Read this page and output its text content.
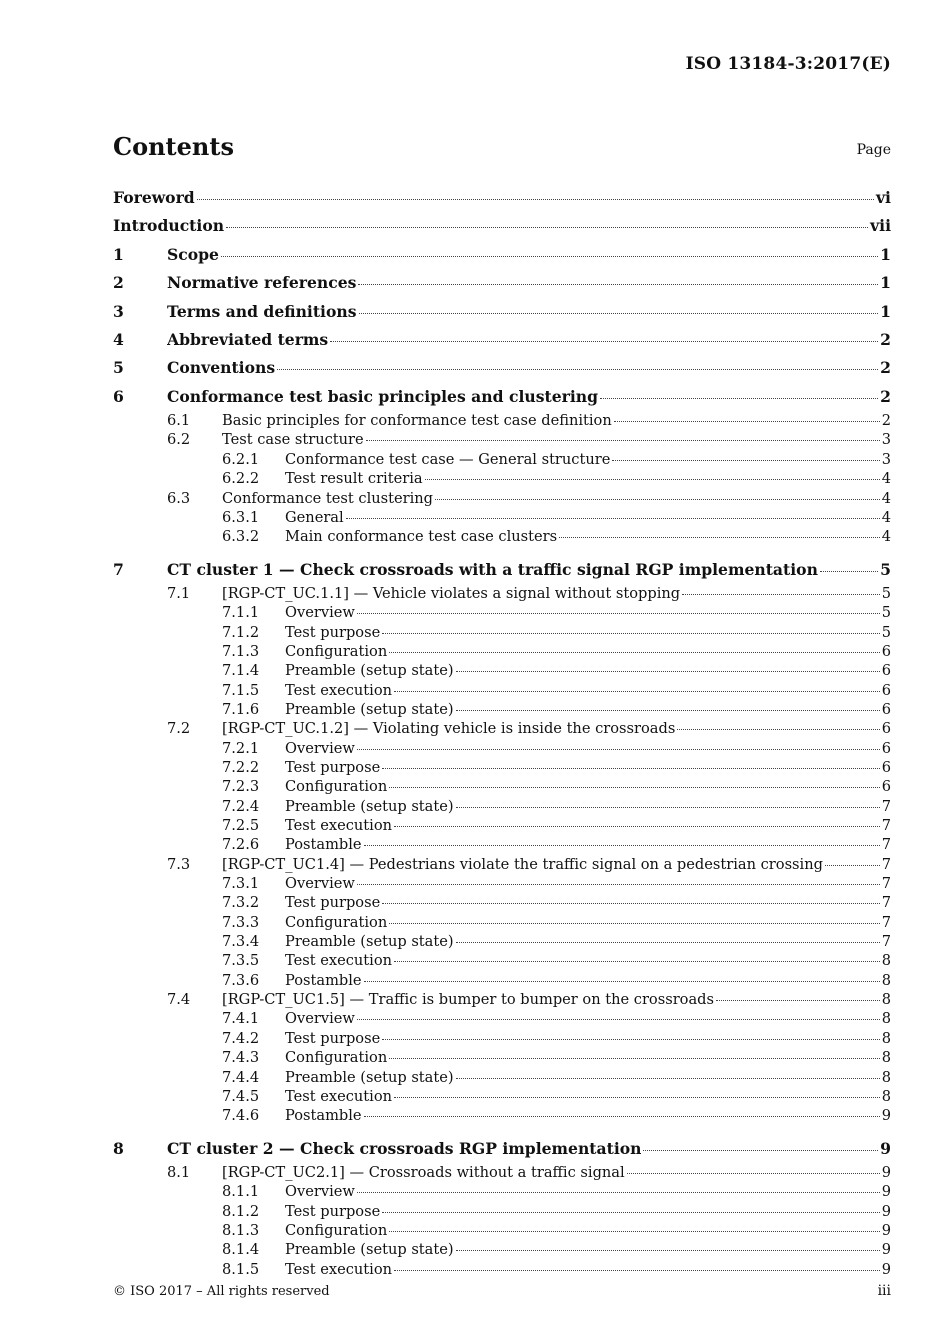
ISO 13184-3:2017(E)
Contents	Page
Foreword	vi
Introduction	vii
1	Scope	1
2	Normative references	1
3	Terms and definitions	1
4	Abbreviated terms	2
5	Conventions	2
6	Conformance test basic principles and clustering	2
6.1 Basic principles for conformance test case definition	2
6.2 Test case structure	3
6.2.1 Conformance test case — General structure	3
6.2.2 Test result criteria	4
6.3 Conformance test clustering	4
6.3.1 General	4
6.3.2 Main conformance test case clusters	4
7	CT cluster 1 — Check crossroads with a traffic signal RGP implementation	5
7.1 [RGP-CT_UC.1.1] — Vehicle violates a signal without stopping	5
7.1.1 Overview	5
7.1.2 Test purpose	5
7.1.3 Configuration	6
7.1.4 Preamble (setup state)	6
7.1.5 Test execution	6
7.1.6 Preamble (setup state)	6
7.2 [RGP-CT_UC.1.2] — Violating vehicle is inside the crossroads	6
7.2.1 Overview	6
7.2.2 Test purpose	6
7.2.3 Configuration	6
7.2.4 Preamble (setup state)	7
7.2.5 Test execution	7
7.2.6 Postamble	7
7.3 [RGP-CT_UC1.4] — Pedestrians violate the traffic signal on a pedestrian crossing	7
7.3.1 Overview	7
7.3.2 Test purpose	7
7.3.3 Configuration	7
7.3.4 Preamble (setup state)	7
7.3.5 Test execution	8
7.3.6 Postamble	8
7.4 [RGP-CT_UC1.5] — Traffic is bumper to bumper on the crossroads	8
7.4.1 Overview	8
7.4.2 Test purpose	8
7.4.3 Configuration	8
7.4.4 Preamble (setup state)	8
7.4.5 Test execution	8
7.4.6 Postamble	9
8	CT cluster 2 — Check crossroads RGP implementation	9
8.1 [RGP-CT_UC2.1] — Crossroads without a traffic signal	9
8.1.1 Overview	9
8.1.2 Test purpose	9
8.1.3 Configuration	9
8.1.4 Preamble (setup state)	9
8.1.5 Test execution	9
© ISO 2017 – All rights reserved	iii
